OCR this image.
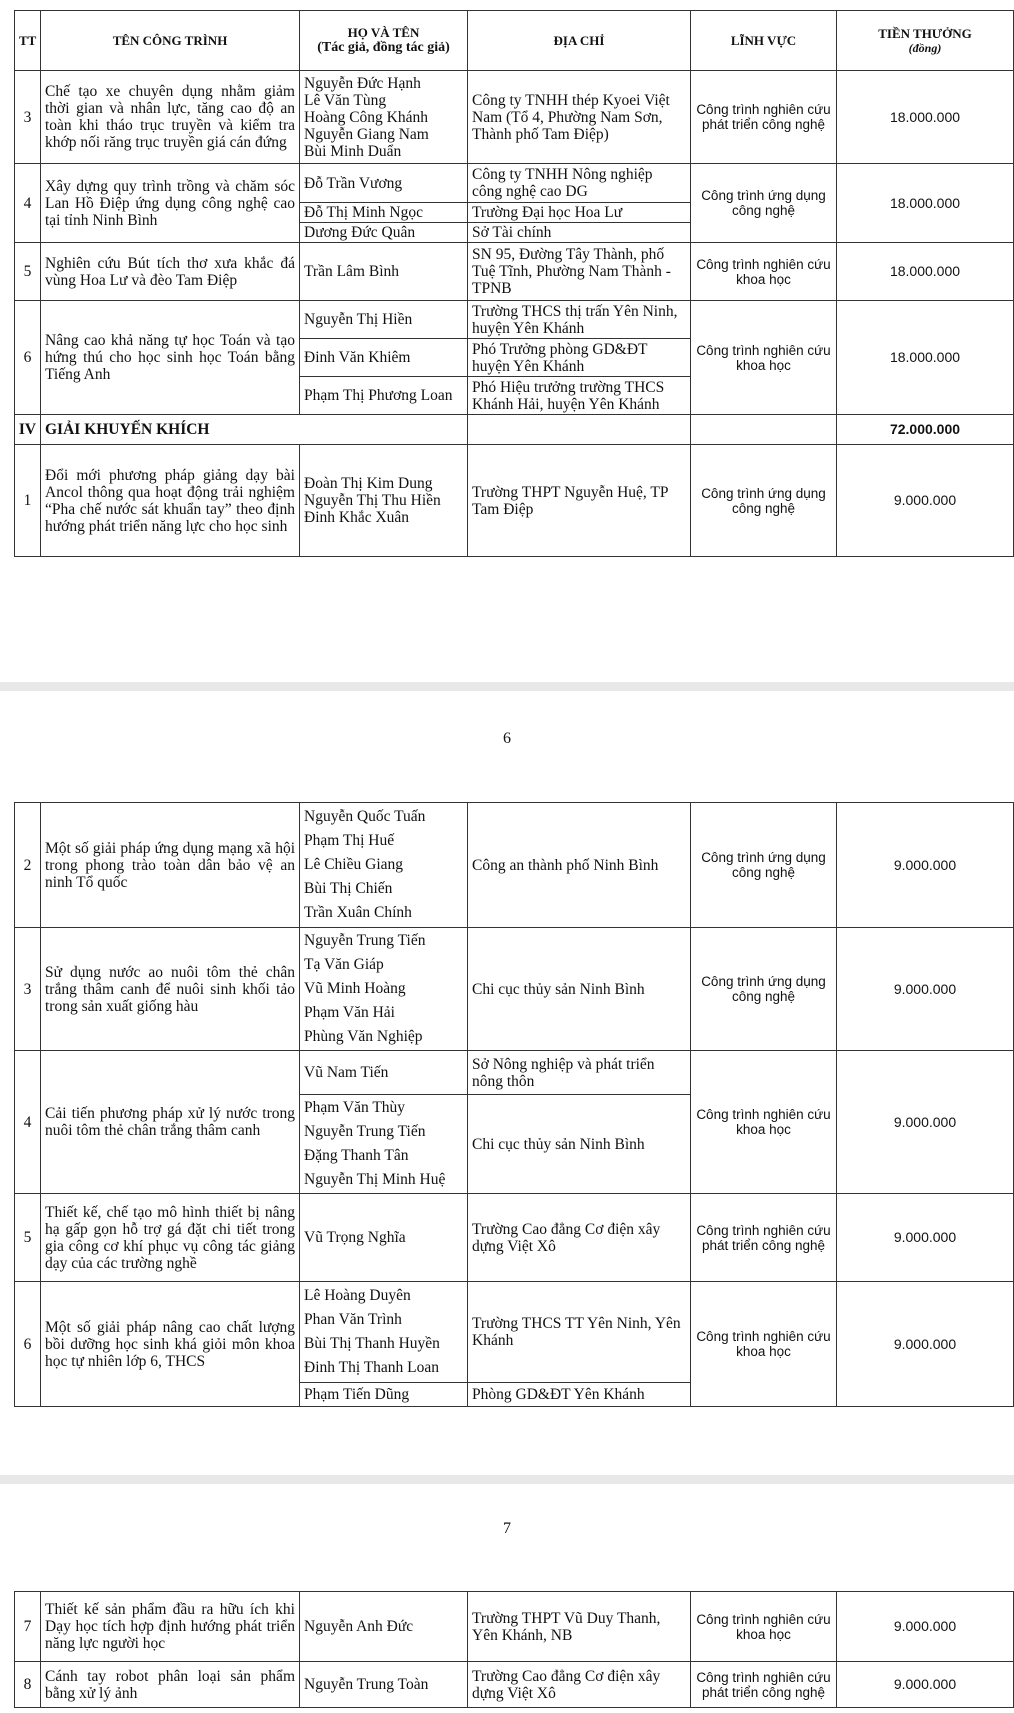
TT	TÊN CÔNG TRÌNH	HỌ VÀ TÊN
(Tác giả, đồng tác giả)	ĐỊA CHỈ	LĨNH VỰC	TIỀN THƯỞNG
(đồng)
3	Chế tạo xe chuyên dụng nhằm giảm thời gian và nhân lực, tăng cao độ an toàn khi tháo trục truyền và kiểm tra khớp nối răng trục truyền giá cán đứng	Nguyễn Đức Hạnh
Lê Văn Tùng
Hoàng Công Khánh
Nguyễn Giang Nam
Bùi Minh Duẩn	Công ty TNHH thép Kyoei Việt Nam (Tổ 4, Phường Nam Sơn, Thành phố Tam Điệp)	Công trình nghiên cứu phát triển công nghệ	18.000.000
4	Xây dựng quy trình trồng và chăm sóc Lan Hồ Điệp ứng dụng công nghệ cao tại tỉnh Ninh Bình	Đỗ Trần Vương	Công ty TNHH Nông nghiệp công nghệ cao DG	Công trình ứng dụng công nghệ	18.000.000
		Đỗ Thị Minh Ngọc	Trường Đại học Hoa Lư		
		Dương Đức Quân	Sở Tài chính		
5	Nghiên cứu Bút tích thơ xưa khắc đá vùng Hoa Lư và đèo Tam Điệp	Trần Lâm Bình	SN 95, Đường Tây Thành, phố Tuệ Tĩnh, Phường Nam Thành - TPNB	Công trình nghiên cứu khoa học	18.000.000
6	Nâng cao khả năng tự học Toán và tạo hứng thú cho học sinh học Toán bằng Tiếng Anh	Nguyễn Thị Hiền	Trường THCS thị trấn Yên Ninh, huyện Yên Khánh	Công trình nghiên cứu khoa học	18.000.000
		Đinh Văn Khiêm	Phó Trưởng phòng GD&ĐT huyện Yên Khánh		
		Phạm Thị Phương Loan	Phó Hiệu trưởng trường THCS Khánh Hải, huyện Yên Khánh		
IV	GIẢI KHUYẾN KHÍCH				72.000.000
1	Đổi mới phương pháp giảng dạy bài Ancol thông qua hoạt động trải nghiệm “Pha chế nước sát khuẩn tay” theo định hướng phát triển năng lực cho học sinh	Đoàn Thị Kim Dung
Nguyễn Thị Thu Hiền
Đinh Khắc Xuân	Trường THPT Nguyễn Huệ, TP Tam Điệp	Công trình ứng dụng công nghệ	9.000.000
6
2	Một số giải pháp ứng dụng mạng xã hội trong phong trào toàn dân bảo vệ an ninh Tổ quốc	Nguyễn Quốc Tuấn
Phạm Thị Huế
Lê Chiều Giang
Bùi Thị Chiến
Trần Xuân Chính	Công an thành phố Ninh Bình	Công trình ứng dụng công nghệ	9.000.000
3	Sử dụng nước ao nuôi tôm thẻ chân trắng thâm canh để nuôi sinh khối tảo trong sản xuất giống hàu	Nguyễn Trung Tiến
Tạ Văn Giáp
Vũ Minh Hoàng
Phạm Văn Hải
Phùng Văn Nghiệp	Chi cục thủy sản Ninh Bình	Công trình ứng dụng công nghệ	9.000.000
4	Cải tiến phương pháp xử lý nước trong nuôi tôm thẻ chân trắng thâm canh	Vũ Nam Tiến	Sở Nông nghiệp và phát triển nông thôn	Công trình nghiên cứu khoa học	9.000.000

		Phạm Văn Thùy
Nguyễn Trung Tiến
Đặng Thanh Tân
Nguyễn Thị Minh Huệ	Chi cục thủy sản Ninh Bình		
5	Thiết kế, chế tạo mô hình thiết bị nâng hạ gấp gọn hỗ trợ gá đặt chi tiết trong gia công cơ khí phục vụ công tác giảng dạy của các trường nghề	Vũ Trọng Nghĩa	Trường Cao đẳng Cơ điện xây dựng Việt Xô	Công trình nghiên cứu phát triển công nghệ	9.000.000
6	Một số giải pháp nâng cao chất lượng bồi dưỡng học sinh khá giỏi môn khoa học tự nhiên lớp 6, THCS	Lê Hoàng Duyên
Phan Văn Trình
Bùi Thị Thanh Huyền
Đinh Thị Thanh Loan	Trường THCS TT Yên Ninh, Yên Khánh	Công trình nghiên cứu khoa học	9.000.000
		Phạm Tiến Dũng	Phòng GD&ĐT Yên Khánh		
7
7	Thiết kế sản phẩm đầu ra hữu ích khi Dạy học tích hợp định hướng phát triển năng lực người học	Nguyễn Anh Đức	Trường THPT Vũ Duy Thanh, Yên Khánh, NB	Công trình nghiên cứu khoa học	9.000.000
8	Cánh tay robot phân loại sản phẩm bằng xử lý ảnh	Nguyễn Trung Toàn	Trường Cao đẳng Cơ điện xây dựng Việt Xô	Công trình nghiên cứu phát triển công nghệ	9.000.000
